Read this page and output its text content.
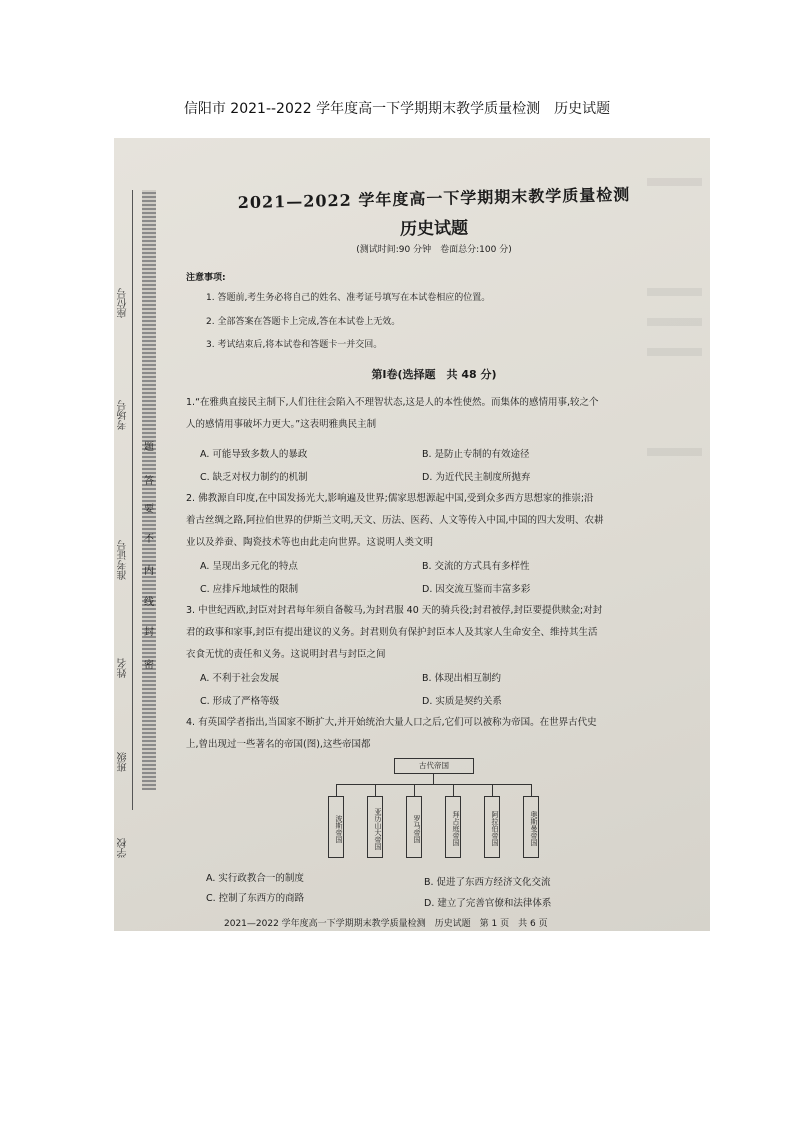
信阳市 2021--2022 学年度高一下学期期末教学质量检测　历史试题
座位号
考场号
准考证号
姓名
班级
学校
题
答
要
不
内
线
封
密
2021—2022 学年度高一下学期期末教学质量检测
历史试题
(测试时间:90 分钟　卷面总分:100 分)
注意事项:
1. 答题前,考生务必将自己的姓名、准考证号填写在本试卷相应的位置。
2. 全部答案在答题卡上完成,答在本试卷上无效。
3. 考试结束后,将本试卷和答题卡一并交回。
第Ⅰ卷(选择题　共 48 分)
1.“在雅典直接民主制下,人们往往会陷入不理智状态,这是人的本性使然。而集体的感情用事,较之个
人的感情用事破坏力更大。”这表明雅典民主制
A. 可能导致多数人的暴政	B. 是防止专制的有效途径
C. 缺乏对权力制约的机制	D. 为近代民主制度所抛弃
2. 佛教源自印度,在中国发扬光大,影响遍及世界;儒家思想源起中国,受到众多西方思想家的推崇;沿
着古丝绸之路,阿拉伯世界的伊斯兰文明,天文、历法、医药、人文等传入中国,中国的四大发明、农耕
业以及养蚕、陶瓷技术等也由此走向世界。这说明人类文明
A. 呈现出多元化的特点	B. 交流的方式具有多样性
C. 应排斥地域性的限制	D. 因交流互鉴而丰富多彩
3. 中世纪西欧,封臣对封君每年须自备鞍马,为封君服 40 天的骑兵役;封君被俘,封臣要提供赎金;对封
君的政事和家事,封臣有提出建议的义务。封君则负有保护封臣本人及其家人生命安全、维持其生活
衣食无忧的责任和义务。这说明封君与封臣之间
A. 不利于社会发展	B. 体现出相互制约
C. 形成了严格等级	D. 实质是契约关系
4. 有英国学者指出,当国家不断扩大,并开始统治大量人口之后,它们可以被称为帝国。在世界古代史
上,曾出现过一些著名的帝国(图),这些帝国都
古代帝国
波斯帝国	亚历山大帝国	罗马帝国	拜占庭帝国	阿拉伯帝国	奥斯曼帝国
A. 实行政教合一的制度	B. 促进了东西方经济文化交流
C. 控制了东西方的商路	D. 建立了完善官僚和法律体系
2021—2022 学年度高一下学期期末教学质量检测　历史试题　第 1 页　共 6 页
